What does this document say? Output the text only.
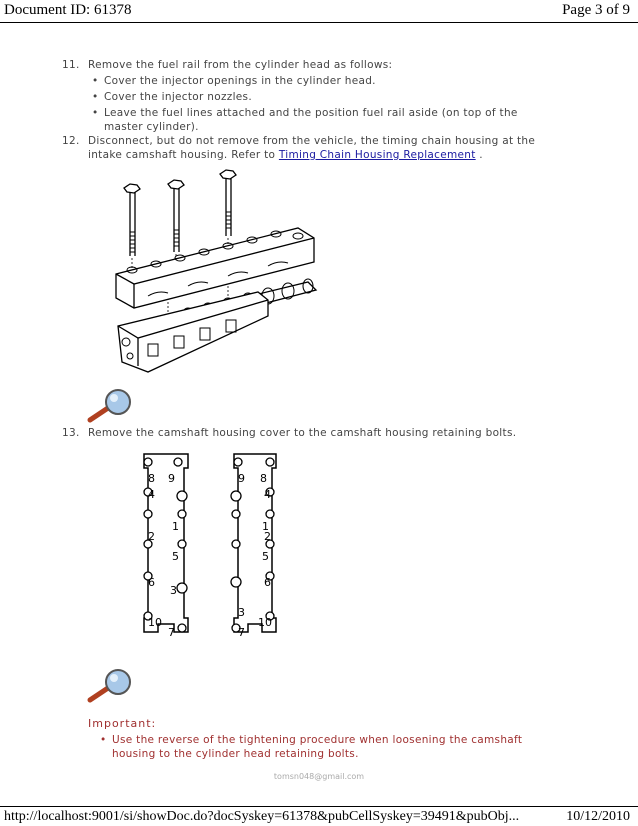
Document ID: 61378	Page 3 of 9
11. Remove the fuel rail from the cylinder head as follows:
• Cover the injector openings in the cylinder head.
• Cover the injector nozzles.
• Leave the fuel lines attached and the position fuel rail aside (on top of the master cylinder).
12. Disconnect, but do not remove from the vehicle, the timing chain housing at the intake camshaft housing. Refer to Timing Chain Housing Replacement .
13. Remove the camshaft housing cover to the camshaft housing retaining bolts.
8 9
4
1
2
5
6
3
10
7
9 8
4
1
2
5
6
3
10
7
Important:
• Use the reverse of the tightening procedure when loosening the camshaft housing to the cylinder head retaining bolts.
tomsn048@gmail.com
http://localhost:9001/si/showDoc.do?docSyskey=61378&pubCellSyskey=39491&pubObj...	10/12/2010
